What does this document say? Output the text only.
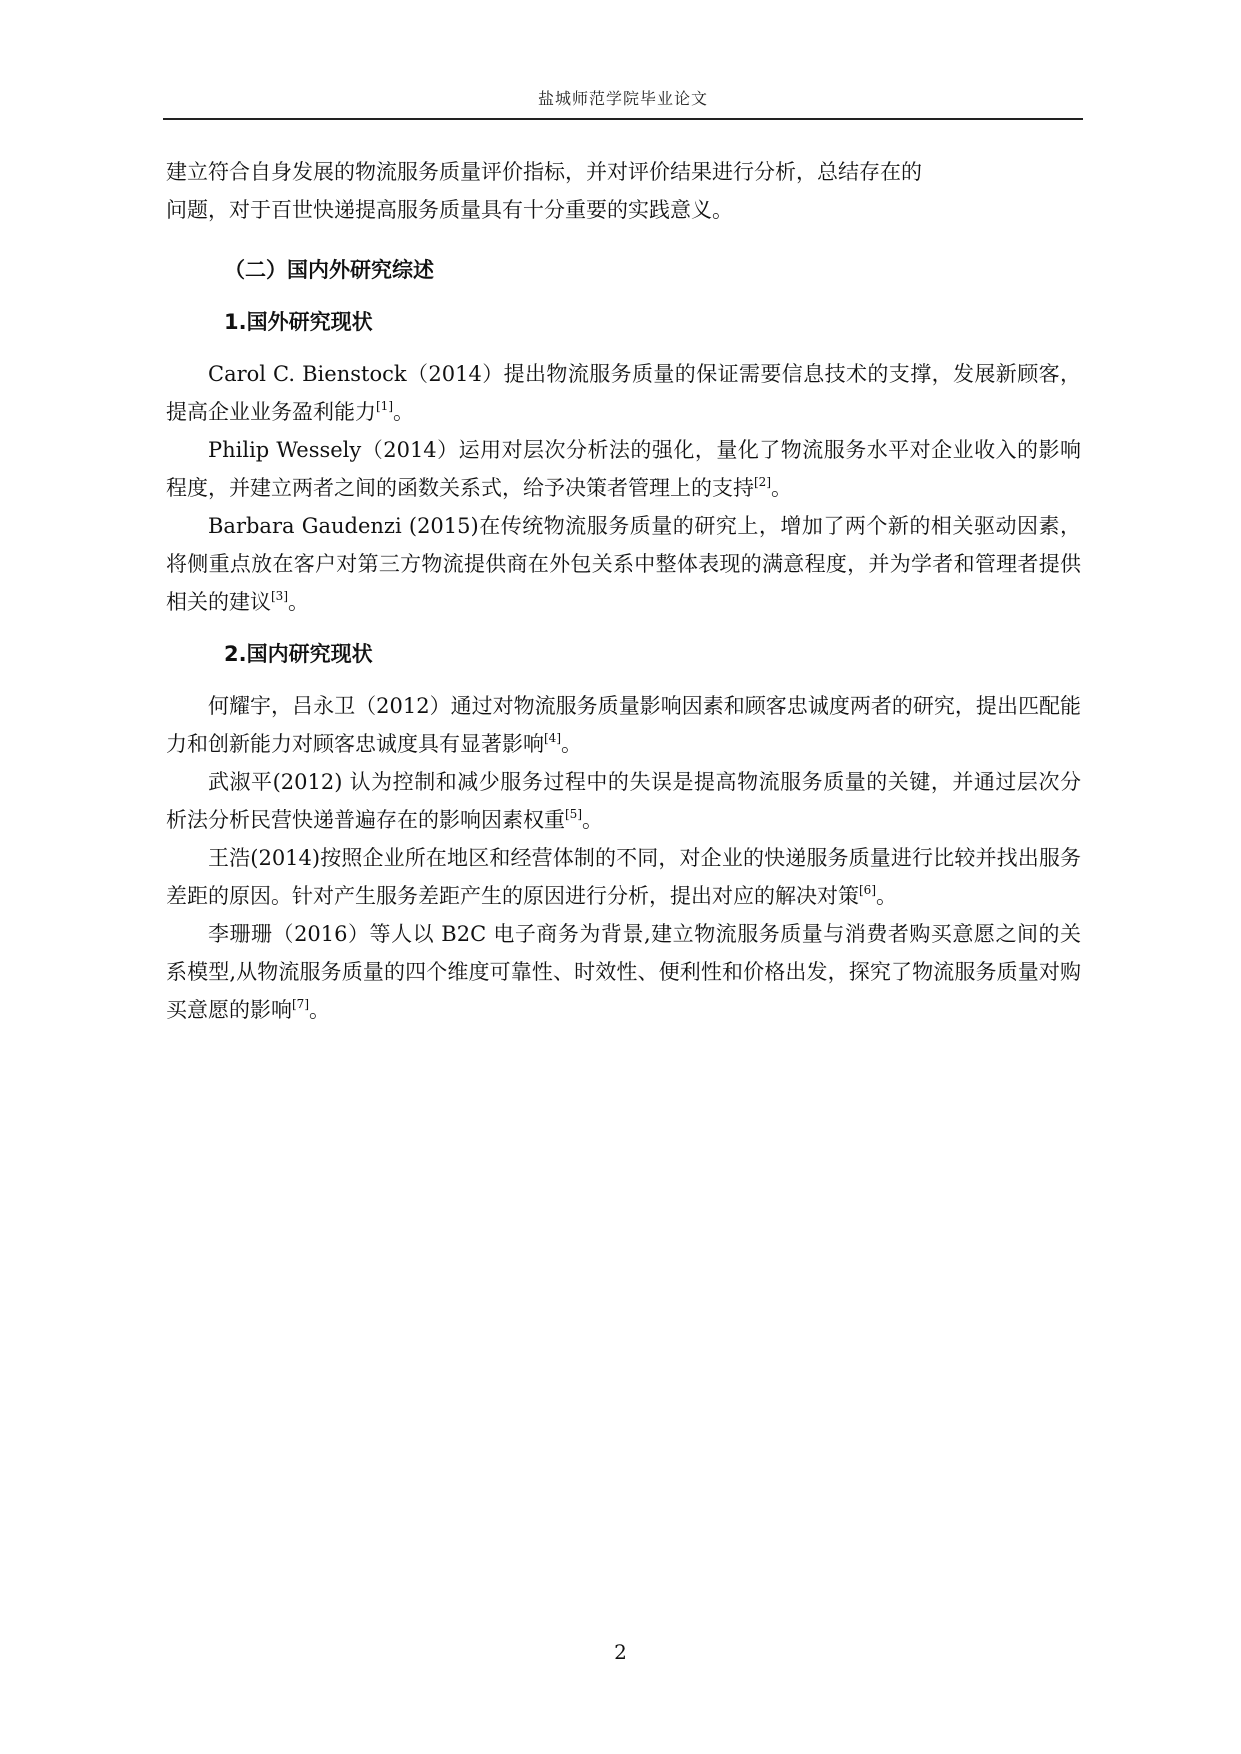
盐城师范学院毕业论文

建立符合自身发展的物流服务质量评价指标，并对评价结果进行分析，总结存在的
问题，对于百世快递提高服务质量具有十分重要的实践意义。

（二）国内外研究综述
1.国外研究现状

Carol C. Bienstock（2014）提出物流服务质量的保证需要信息技术的支撑，发展新顾客，提高企业业务盈利能力[1]。

Philip Wessely（2014）运用对层次分析法的强化，量化了物流服务水平对企业收入的影响程度，并建立两者之间的函数关系式，给予决策者管理上的支持[2]。

Barbara Gaudenzi (2015)在传统物流服务质量的研究上，增加了两个新的相关驱动因素，将侧重点放在客户对第三方物流提供商在外包关系中整体表现的满意程度，并为学者和管理者提供相关的建议[3]。

2.国内研究现状

何耀宇，吕永卫（2012）通过对物流服务质量影响因素和顾客忠诚度两者的研究，提出匹配能力和创新能力对顾客忠诚度具有显著影响[4]。

武淑平(2012) 认为控制和减少服务过程中的失误是提高物流服务质量的关键，并通过层次分析法分析民营快递普遍存在的影响因素权重[5]。

王浩(2014)按照企业所在地区和经营体制的不同，对企业的快递服务质量进行比较并找出服务差距的原因。针对产生服务差距产生的原因进行分析，提出对应的解决对策[6]。

李珊珊（2016）等人以 B2C 电子商务为背景,建立物流服务质量与消费者购买意愿之间的关系模型,从物流服务质量的四个维度可靠性、时效性、便利性和价格出发，探究了物流服务质量对购买意愿的影响[7]。

2
